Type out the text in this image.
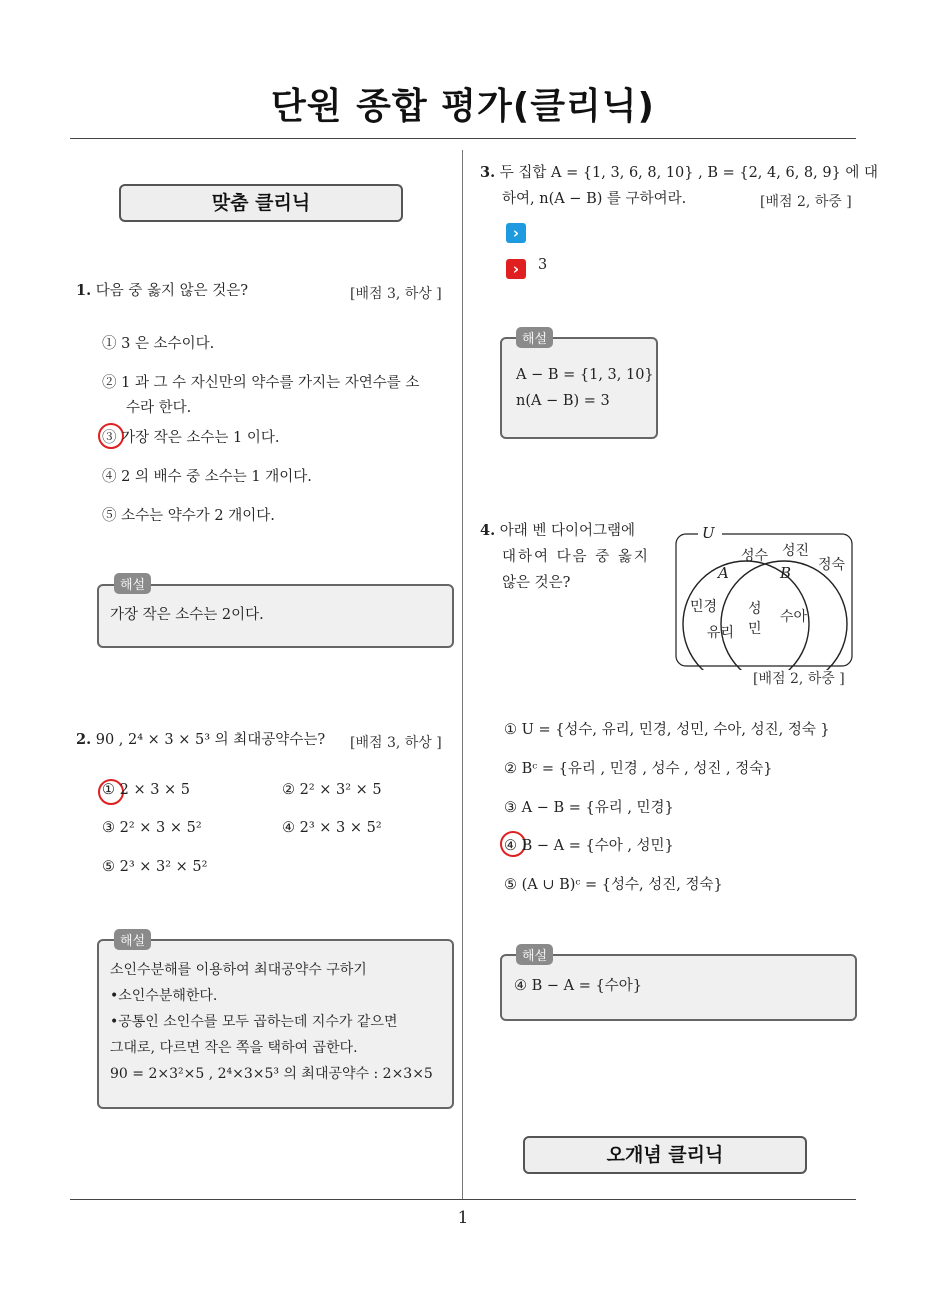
단원 종합 평가(클리닉)
맞춤 클리닉
1. 다음 중 옳지 않은 것은?	[배점 3, 하상 ]
① 3 은 소수이다.
② 1 과 그 수 자신만의 약수를 가지는 자연수를 소
수라 한다.
③ 가장 작은 소수는 1 이다.
④ 2 의 배수 중 소수는 1 개이다.
⑤ 소수는 약수가 2 개이다.
해설
가장 작은 소수는 2이다.
2. 90 , 2⁴ × 3 × 5³ 의 최대공약수는? [배점 3, 하상 ]
① 2 × 3 × 5	② 2² × 3² × 5
③ 2² × 3 × 5²	④ 2³ × 3 × 5²
⑤ 2³ × 3² × 5²
해설
소인수분해를 이용하여 최대공약수 구하기
•소인수분해한다.
•공통인 소인수를 모두 곱하는데 지수가 같으면
그대로, 다르면 작은 쪽을 택하여 곱한다.
90 = 2×3²×5 , 2⁴×3×5³ 의 최대공약수 : 2×3×5
3. 두 집합 A = {1, 3, 6, 8, 10} , B = {2, 4, 6, 8, 9} 에 대
하여, n(A − B) 를 구하여라.	[배점 2, 하중 ]
›
›	3
해설
A − B = {1, 3, 10}
n(A − B) = 3
4. 아래 벤 다이어그램에
대하여 다음 중 옳지
않은 것은?
U
A	B
성수 성진
정숙
민경
유리
성
민
수아
[배점 2, 하중 ]
① U = {성수, 유리, 민경, 성민, 수아, 성진, 정숙 }
② Bᶜ = {유리 , 민경 , 성수 , 성진 , 정숙}
③ A − B = {유리 , 민경}
④ B − A = {수아 , 성민}
⑤ (A ∪ B)ᶜ = {성수, 성진, 정숙}
해설
④ B − A = {수아}
오개념 클리닉
1
